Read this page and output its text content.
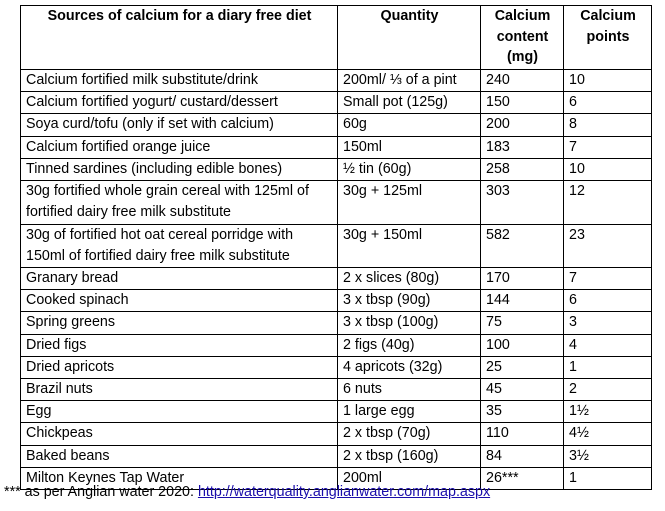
Sources of calcium for a diary free diet	Quantity	Calcium content (mg)	Calcium points
Calcium fortified milk substitute/drink	200ml/ ⅓ of a pint	240	10
Calcium fortified yogurt/ custard/dessert	Small pot (125g)	150	6
Soya curd/tofu (only if set with calcium)	60g	200	8
Calcium fortified orange juice	150ml	183	7
Tinned sardines (including edible bones)	½ tin (60g)	258	10
30g fortified whole grain cereal with 125ml of fortified dairy free milk substitute	30g + 125ml	303	12
30g of fortified hot oat cereal porridge with 150ml of fortified dairy free milk substitute	30g + 150ml	582	23
Granary bread	2 x slices (80g)	170	7
Cooked spinach	3 x tbsp (90g)	144	6
Spring greens	3 x tbsp (100g)	75	3
Dried figs	2 figs (40g)	100	4
Dried apricots	4 apricots (32g)	25	1
Brazil nuts	6 nuts	45	2
Egg	1 large egg	35	1½
Chickpeas	2 x tbsp (70g)	110	4½
Baked beans	2 x tbsp (160g)	84	3½
Milton Keynes Tap Water	200ml	26***	1
*** as per Anglian water 2020: http://waterquality.anglianwater.com/map.aspx
